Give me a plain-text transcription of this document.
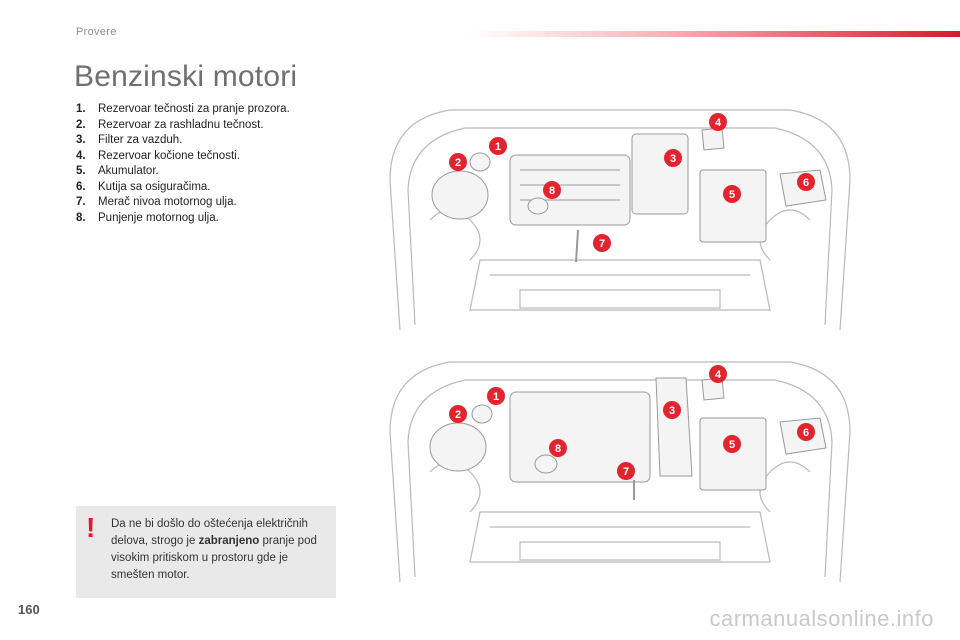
Provere
Benzinski motori
1.	Rezervoar tečnosti za pranje prozora.
2.	Rezervoar za rashladnu tečnost.
3.	Filter za vazduh.
4.	Rezervoar kočione tečnosti.
5.	Akumulator.
6.	Kutija sa osiguračima.
7.	Merač nivoa motornog ulja.
8.	Punjenje motornog ulja.
1
2	3
4
5
6
7
8
1
2	3
4
5
6
7
8
! Da ne bi došlo do oštećenja električnih delova, strogo je zabranjeno pranje pod visokim pritiskom u prostoru gde je smešten motor.
160	carmanualsonline.info
